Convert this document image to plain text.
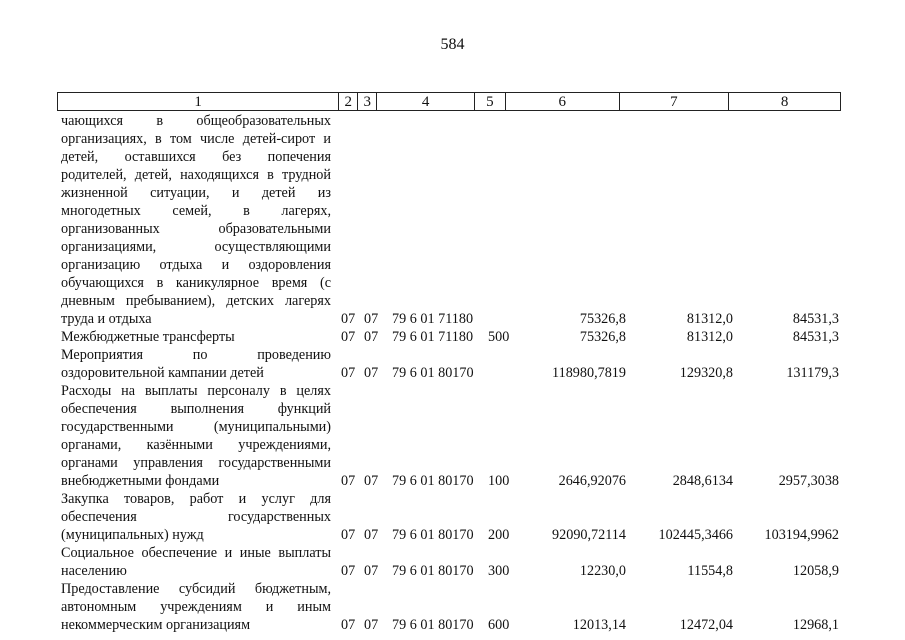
584
1	2 3	4	5	6	7	8
чающихся в общеобразовательных организациях, в том числе детей-сирот и детей, оставшихся без попечения родителей, детей, находящихся в трудной жизненной ситуации, и детей из многодетных семей, в лагерях, организованных образовательными организациями, осуществляющими организацию отдыха и оздоровления обучающихся в каникулярное время (с дневным пребыванием), детских лагерях труда и отдыха	07 07 79 6 01 71180	75326,8	81312,0	84531,3
Межбюджетные трансферты	07 07 79 6 01 71180 500	75326,8	81312,0	84531,3
Мероприятия по проведению оздоровительной кампании детей	07 07 79 6 01 80170	118980,7819	129320,8	131179,3
Расходы на выплаты персоналу в целях обеспечения выполнения функций государственными (муниципальными) органами, казёнными учреждениями, органами управления государственными внебюджетными фондами	07 07 79 6 01 80170 100	2646,92076	2848,6134	2957,3038
Закупка товаров, работ и услуг для обеспечения государственных (муниципальных) нужд	07 07 79 6 01 80170 200	92090,72114 102445,3466 103194,9962
Социальное обеспечение и иные выплаты населению	07 07 79 6 01 80170 300	12230,0	11554,8	12058,9
Предоставление субсидий бюджетным, автономным учреждениям и иным некоммерческим организациям	07 07 79 6 01 80170 600	12013,14	12472,04	12968,1
